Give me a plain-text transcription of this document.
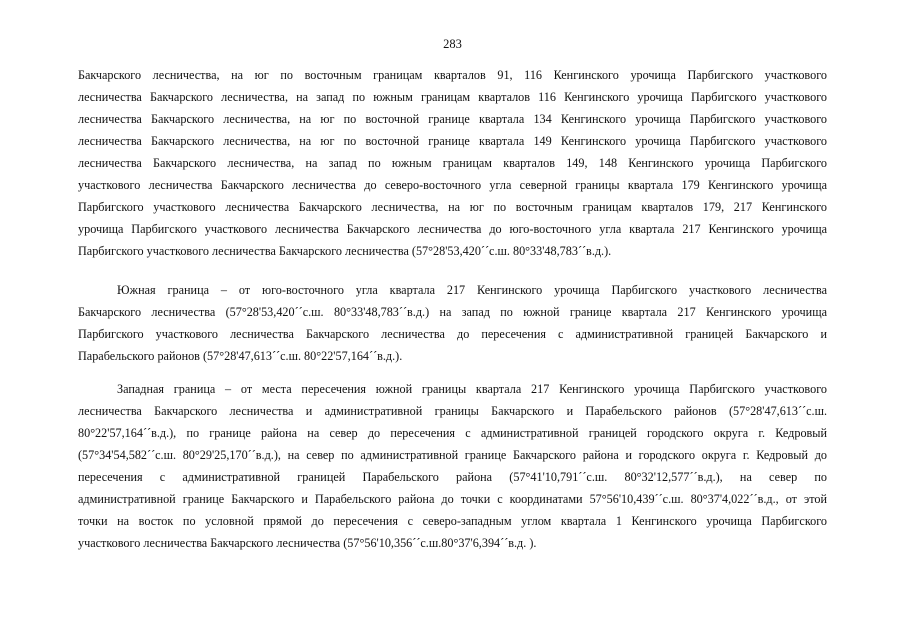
283
Бакчарского лесничества, на юг по восточным границам кварталов 91, 116 Кенгинского урочища Парбигского участкового
лесничества Бакчарского лесничества, на запад по южным границам кварталов 116 Кенгинского урочища Парбигского участкового
лесничества Бакчарского лесничества, на юг по восточной границе квартала 134 Кенгинского урочища Парбигского участкового
лесничества Бакчарского лесничества, на юг по восточной границе квартала 149 Кенгинского урочища Парбигского участкового
лесничества Бакчарского лесничества, на запад по южным границам кварталов 149, 148 Кенгинского урочища Парбигского
участкового лесничества Бакчарского лесничества до северо-восточного угла северной границы квартала 179 Кенгинского урочища
Парбигского участкового лесничества Бакчарского лесничества, на юг по восточным границам кварталов 179, 217 Кенгинского
урочища Парбигского участкового лесничества Бакчарского лесничества до юго-восточного угла квартала 217 Кенгинского урочища
Парбигского участкового лесничества Бакчарского лесничества (57°28'53,420´´с.ш. 80°33'48,783´´в.д.).
Южная граница – от юго-восточного угла квартала 217 Кенгинского урочища Парбигского участкового лесничества
Бакчарского лесничества (57°28'53,420´´с.ш. 80°33'48,783´´в.д.) на запад по южной границе квартала 217 Кенгинского урочища
Парбигского участкового лесничества Бакчарского лесничества до пересечения с административной границей Бакчарского и
Парабельского районов (57°28'47,613´´с.ш. 80°22'57,164´´в.д.).
Западная граница – от места пересечения южной границы квартала 217 Кенгинского урочища Парбигского участкового
лесничества Бакчарского лесничества и административной границы Бакчарского и Парабельского районов (57°28'47,613´´с.ш.
80°22'57,164´´в.д.), по границе района на север до пересечения с административной границей городского округа г. Кедровый
(57°34'54,582´´с.ш. 80°29'25,170´´в.д.), на север по административной границе Бакчарского района и городского округа г. Кедровый до
пересечения с административной границей Парабельского района (57°41'10,791´´с.ш. 80°32'12,577´´в.д.), на север по
административной границе Бакчарского и Парабельского района до точки с координатами 57°56'10,439´´с.ш. 80°37'4,022´´в.д., от этой
точки на восток по условной прямой до пересечения с северо-западным углом квартала 1 Кенгинского урочища Парбигского
участкового лесничества Бакчарского лесничества (57°56'10,356´´с.ш.80°37'6,394´´в.д. ).
